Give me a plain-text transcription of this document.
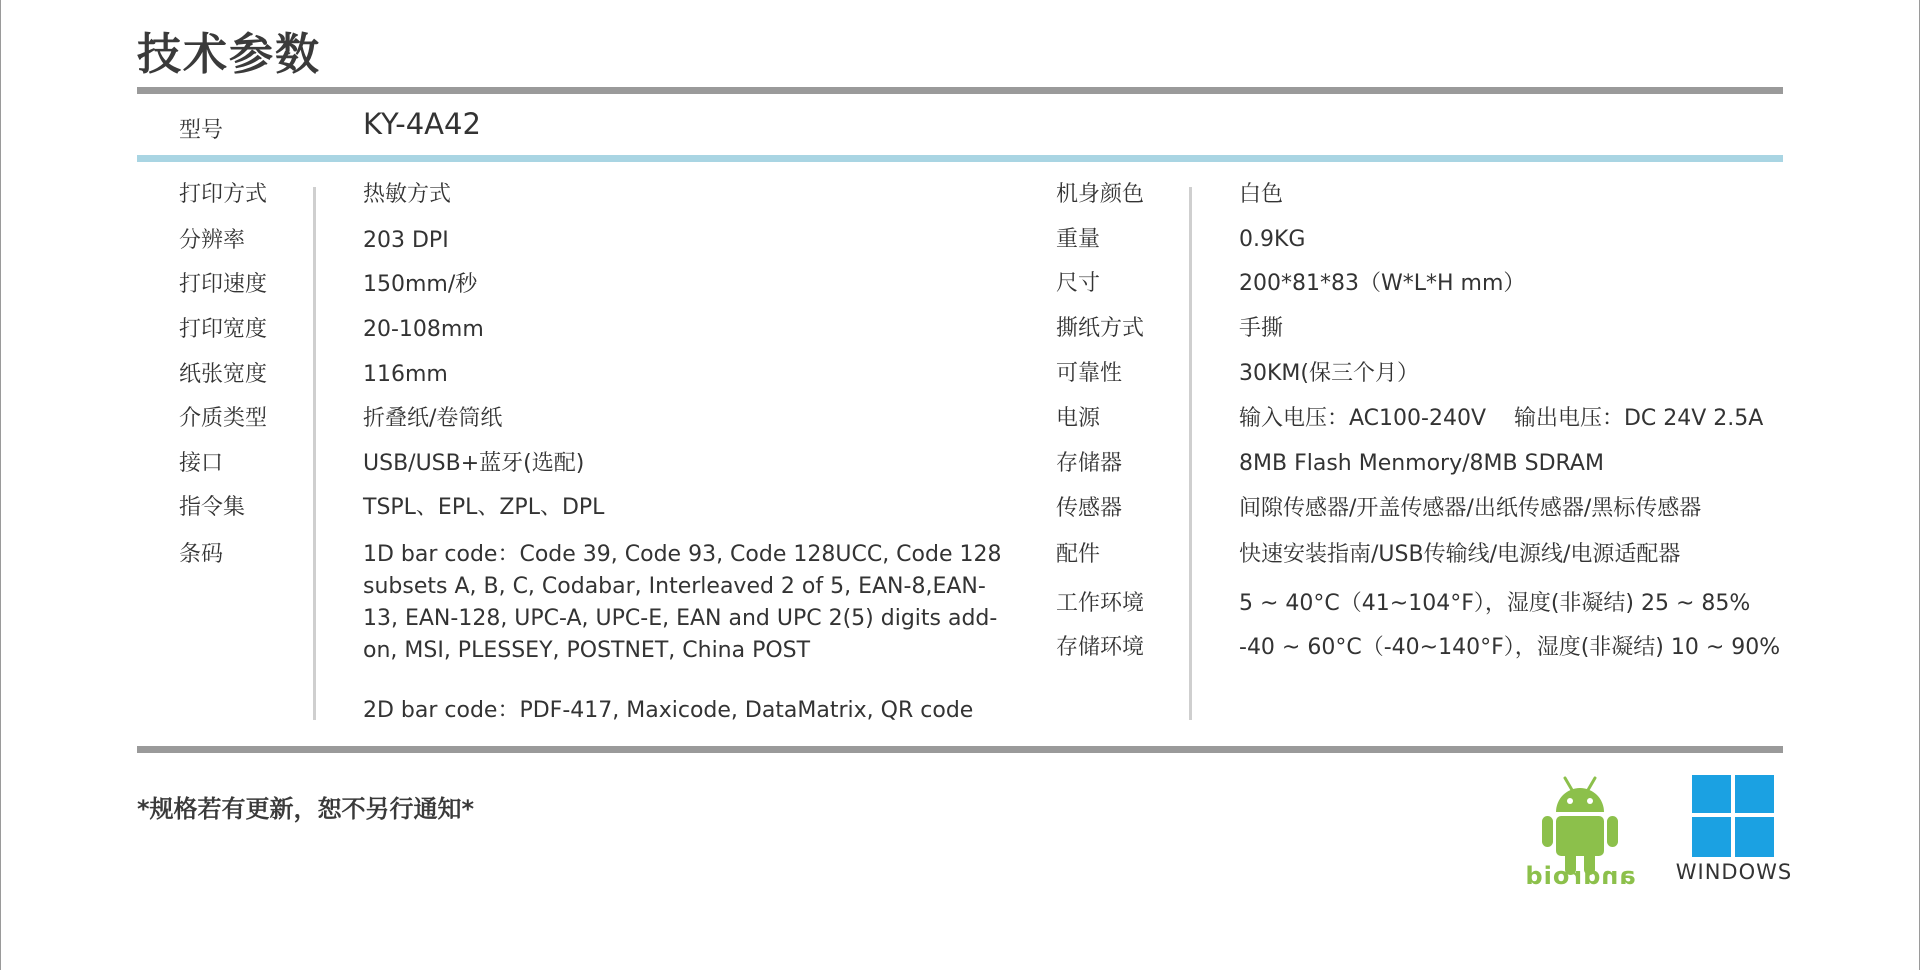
技术参数
型号	KY-4A42
打印方式	热敏方式
分辨率	203 DPI
打印速度	150mm/秒
打印宽度	20-108mm
纸张宽度	116mm
介质类型	折叠纸/卷筒纸
接口	USB/USB+蓝牙(选配)
指令集	TSPL、EPL、ZPL、DPL
条码	1D bar code：Code 39, Code 93, Code 128UCC, Code 128 subsets A, B, C, Codabar, Interleaved 2 of 5, EAN-8,EAN-13, EAN-128, UPC-A, UPC-E, EAN and UPC 2(5) digits add-on, MSI, PLESSEY, POSTNET, China POST
2D bar code：PDF-417, Maxicode, DataMatrix, QR code
机身颜色	白色
重量	0.9KG
尺寸	200*81*83（W*L*H mm）
撕纸方式	手撕
可靠性	30KM(保三个月）
电源	输入电压：AC100-240V    输出电压：DC 24V 2.5A
存储器	8MB Flash Menmory/8MB SDRAM
传感器	间隙传感器/开盖传感器/出纸传感器/黑标传感器
配件	快速安装指南/USB传输线/电源线/电源适配器
工作环境	5 ~ 40°C（41~104°F），湿度(非凝结) 25 ~ 85%
存储环境	-40 ~ 60°C（-40~140°F），湿度(非凝结) 10 ~ 90%
*规格若有更新，恕不另行通知*
android WINDOWS
